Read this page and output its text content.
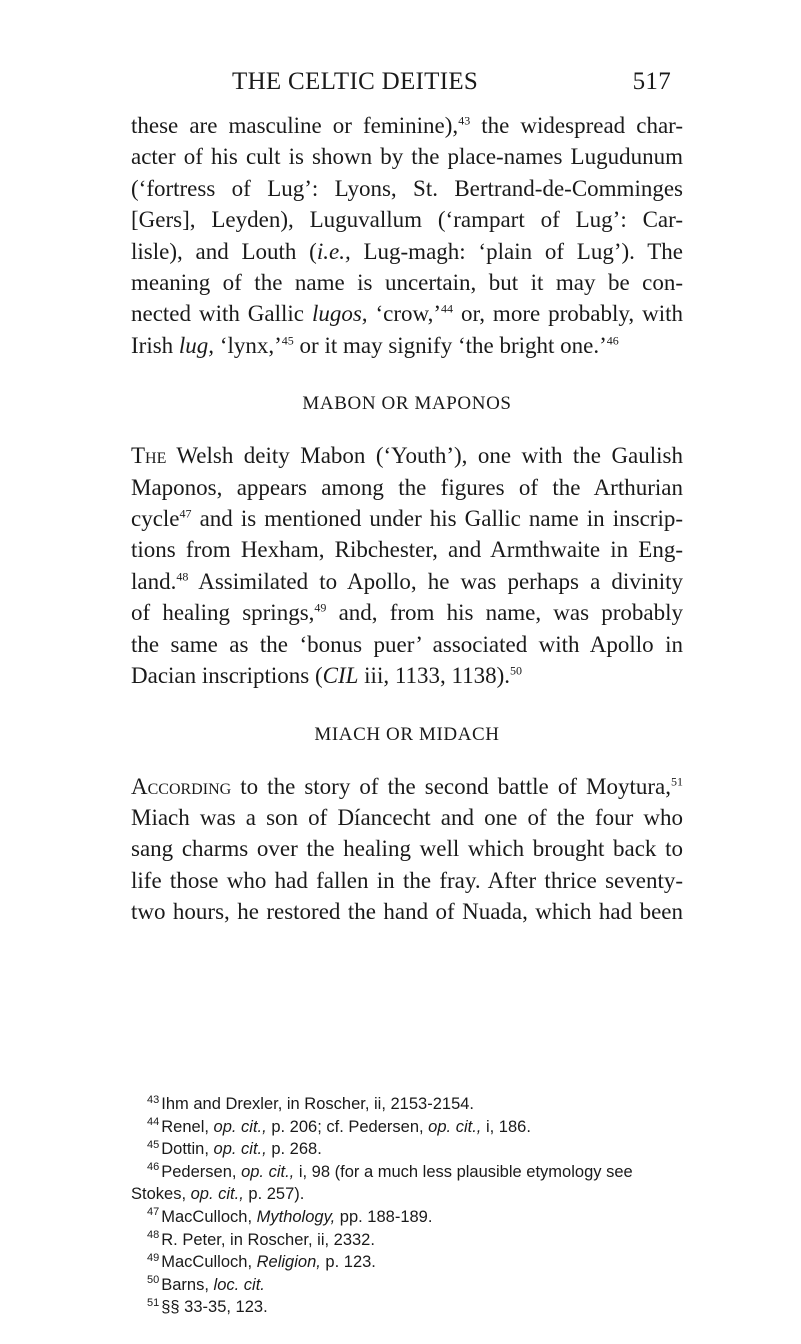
THE CELTIC DEITIES	517

these are masculine or feminine),$^{43}$ the widespread char-
acter of his cult is shown by the place-names Lugudunum
(‘fortress of Lug’: Lyons, St. Bertrand-de-Comminges
[Gers], Leyden), Luguvallum (‘rampart of Lug’: Car-
lisle), and Louth (i.e., Lug-magh: ‘plain of Lug’). The
meaning of the name is uncertain, but it may be con-
nected with Gallic lugos, ‘crow,’$^{44}$ or, more probably, with
Irish lug, ‘lynx,’$^{45}$ or it may signify ‘the bright one.’$^{46}$

MABON OR MAPONOS

The Welsh deity Mabon (‘Youth’), one with the Gaulish
Maponos, appears among the figures of the Arthurian
cycle$^{47}$ and is mentioned under his Gallic name in inscrip-
tions from Hexham, Ribchester, and Armthwaite in Eng-
land.$^{48}$ Assimilated to Apollo, he was perhaps a divinity
of healing springs,$^{49}$ and, from his name, was probably
the same as the ‘bonus puer’ associated with Apollo in
Dacian inscriptions (CIL iii, 1133, 1138).$^{50}$

MIACH OR MIDACH

According to the story of the second battle of Moytura,$^{51}$
Miach was a son of Díancecht and one of the four who
sang charms over the healing well which brought back to
life those who had fallen in the fray. After thrice seventy-
two hours, he restored the hand of Nuada, which had been

$^{43}$ Ihm and Drexler, in Roscher, ii, 2153-2154.
$^{44}$ Renel, op. cit., p. 206; cf. Pedersen, op. cit., i, 186.
$^{45}$ Dottin, op. cit., p. 268.
$^{46}$ Pedersen, op. cit., i, 98 (for a much less plausible etymology see
Stokes, op. cit., p. 257).
$^{47}$ MacCulloch, Mythology, pp. 188-189.
$^{48}$ R. Peter, in Roscher, ii, 2332.
$^{49}$ MacCulloch, Religion, p. 123.
$^{50}$ Barns, loc. cit.
$^{51}$ §§ 33-35, 123.
